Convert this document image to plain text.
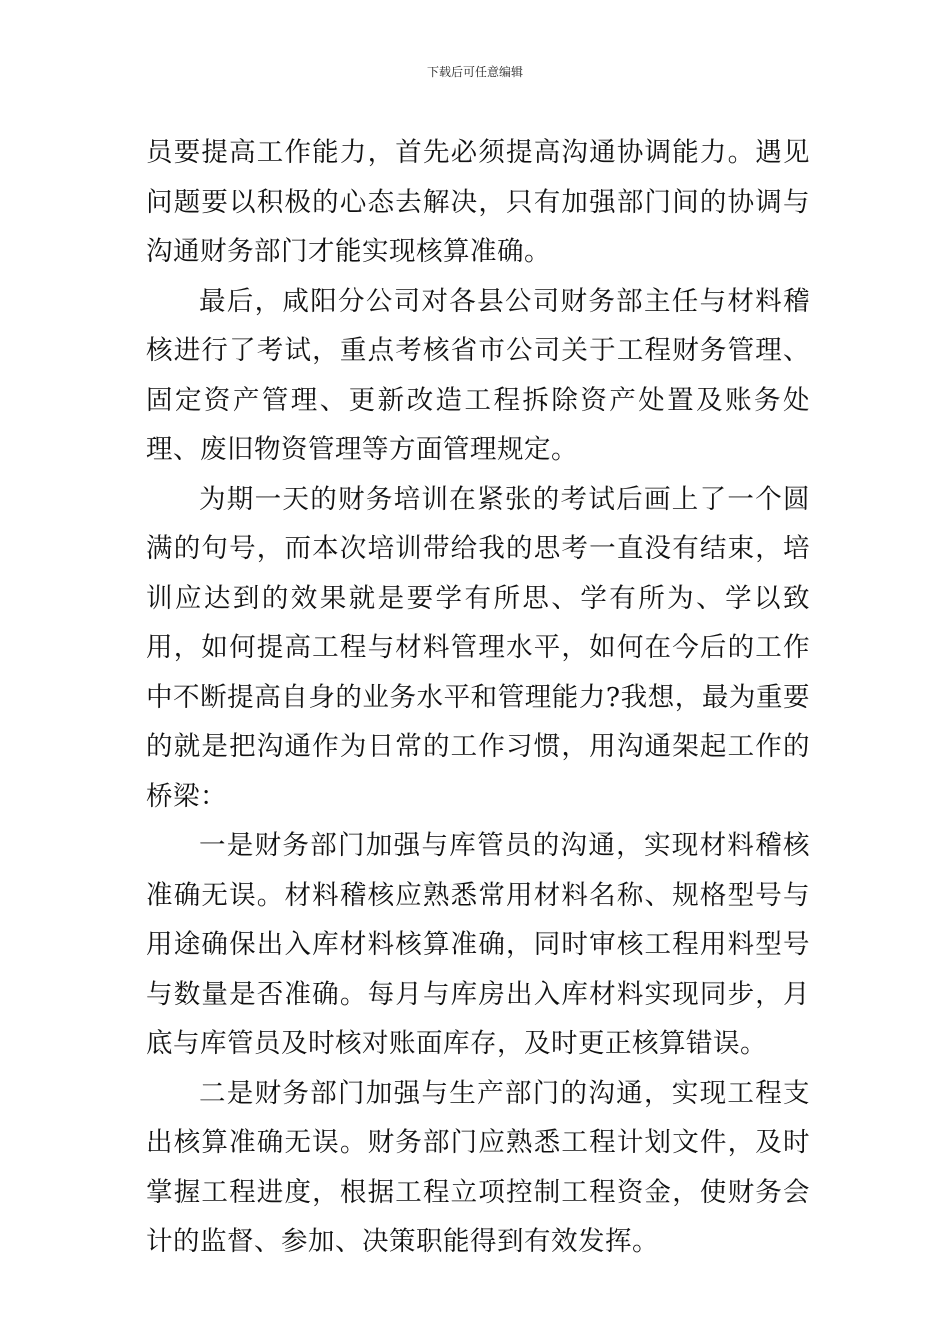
下载后可任意编辑

员要提高工作能力，首先必须提高沟通协调能力。遇见问题要以积极的心态去解决，只有加强部门间的协调与沟通财务部门才能实现核算准确。

最后，咸阳分公司对各县公司财务部主任与材料稽核进行了考试，重点考核省市公司关于工程财务管理、固定资产管理、更新改造工程拆除资产处置及账务处理、废旧物资管理等方面管理规定。

为期一天的财务培训在紧张的考试后画上了一个圆满的句号，而本次培训带给我的思考一直没有结束，培训应达到的效果就是要学有所思、学有所为、学以致用，如何提高工程与材料管理水平，如何在今后的工作中不断提高自身的业务水平和管理能力?我想，最为重要的就是把沟通作为日常的工作习惯，用沟通架起工作的桥梁：

一是财务部门加强与库管员的沟通，实现材料稽核准确无误。材料稽核应熟悉常用材料名称、规格型号与用途确保出入库材料核算准确，同时审核工程用料型号与数量是否准确。每月与库房出入库材料实现同步，月底与库管员及时核对账面库存，及时更正核算错误。

二是财务部门加强与生产部门的沟通，实现工程支出核算准确无误。财务部门应熟悉工程计划文件，及时掌握工程进度，根据工程立项控制工程资金，使财务会计的监督、参加、决策职能得到有效发挥。
